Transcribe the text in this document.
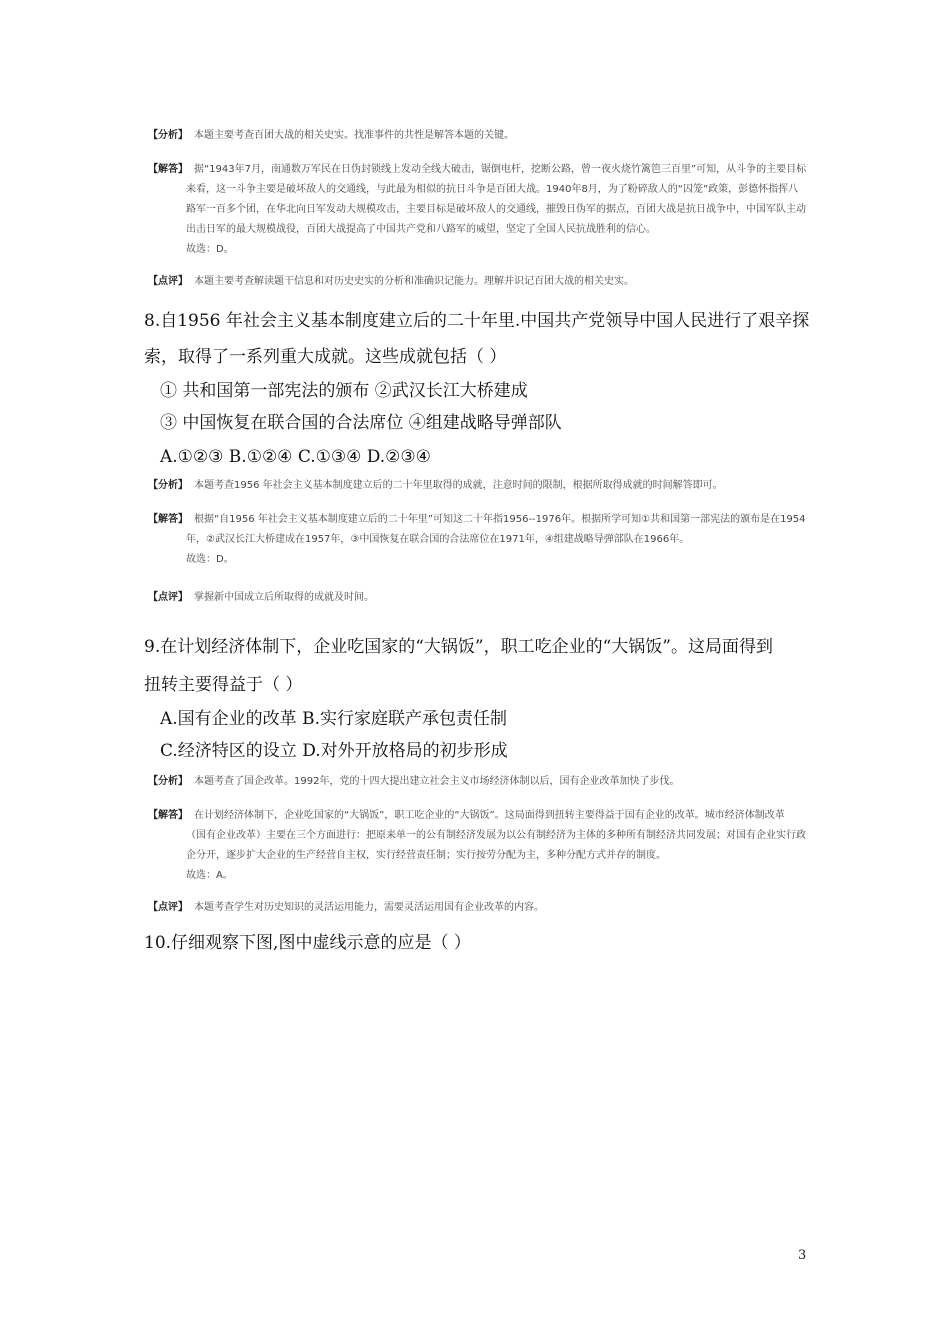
【分析】 本题主要考查百团大战的相关史实。找准事件的共性是解答本题的关键。
【解答】 据“1943年7月，南通数万军民在日伪封锁线上发动全线大破击，锯倒电杆，挖断公路，曾一夜火烧竹篱笆三百里”可知，从斗争的主要目标
来看，这一斗争主要是破坏敌人的交通线，与此最为相似的抗日斗争是百团大战。1940年8月，为了粉碎敌人的“囚笼”政策，彭德怀指挥八
路军一百多个团，在华北向日军发动大规模攻击，主要目标是破坏敌人的交通线，摧毁日伪军的据点，百团大战是抗日战争中，中国军队主动
出击日军的最大规模战役，百团大战提高了中国共产党和八路军的威望，坚定了全国人民抗战胜利的信心。
故选：D。
【点评】 本题主要考查解读题干信息和对历史史实的分析和准确识记能力。理解并识记百团大战的相关史实。
8.自1956 年社会主义基本制度建立后的二十年里.中国共产党领导中国人民进行了艰辛探
索，取得了一系列重大成就。这些成就包括（ ）
① 共和国第一部宪法的颁布 ②武汉长江大桥建成
③ 中国恢复在联合国的合法席位 ④组建战略导弹部队
A.①②③ B.①②④ C.①③④ D.②③④
【分析】 本题考查1956 年社会主义基本制度建立后的二十年里取得的成就，注意时间的限制，根据所取得成就的时间解答即可。
【解答】 根据“自1956 年社会主义基本制度建立后的二十年里”可知这二十年指1956--1976年。根据所学可知①共和国第一部宪法的颁布是在1954
年，②武汉长江大桥建成在1957年，③中国恢复在联合国的合法席位在1971年，④组建战略导弹部队在1966年。
故选：D。
【点评】 掌握新中国成立后所取得的成就及时间。
9.在计划经济体制下，企业吃国家的“大锅饭”，职工吃企业的“大锅饭”。这局面得到
扭转主要得益于（ ）
A.国有企业的改革 B.实行家庭联产承包责任制
C.经济特区的设立 D.对外开放格局的初步形成
【分析】 本题考查了国企改革。1992年，党的十四大提出建立社会主义市场经济体制以后，国有企业改革加快了步伐。
【解答】 在计划经济体制下，企业吃国家的“大锅饭”，职工吃企业的“大锅饭”。这局面得到扭转主要得益于国有企业的改革。城市经济体制改革
（国有企业改革）主要在三个方面进行：把原来单一的公有制经济发展为以公有制经济为主体的多种所有制经济共同发展；对国有企业实行政
企分开，逐步扩大企业的生产经营自主权，实行经营责任制；实行按劳分配为主，多种分配方式并存的制度。
故选：A。
【点评】 本题考查学生对历史知识的灵活运用能力，需要灵活运用国有企业改革的内容。
10.仔细观察下图,图中虚线示意的应是（ ）
3
